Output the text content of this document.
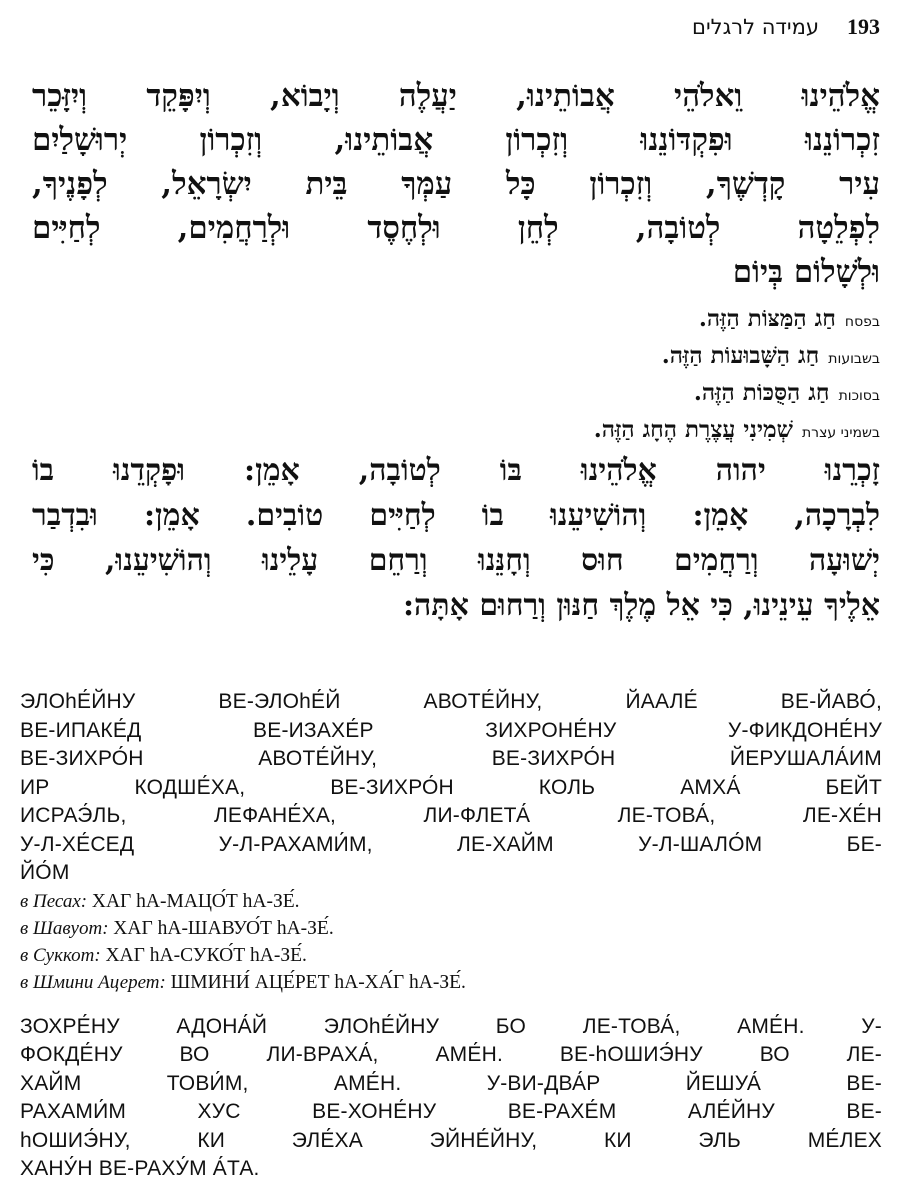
עמידה לרגלים 193
אֱלֹהֵינוּ וֵאלֹהֵי אֲבוֹתֵינוּ, יַעֲלֶה וְיָבוֹא, וְיִפָּקֵד וְיִזָּכֵר
זִכְרוֹנֵנוּ וּפִקְדּוֹנֵנוּ וְזִכְרוֹן אֲבוֹתֵינוּ, וְזִכְרוֹן יְרוּשָׁלַיִם
עִיר קָדְשֶׁךָ, וְזִכְרוֹן כָּל עַמְּךָ בֵּית יִשְׂרָאֵל, לְפָנֶיךָ,
לִפְלֵטָה לְטוֹבָה, לְחֵן וּלְחֶסֶד וּלְרַחֲמִים, לְחַיִּים
וּלְשָׁלוֹם בְּיוֹם
בפסח חַג הַמַּצּוֹת הַזֶּה.
בשבועות חַג הַשָּׁבוּעוֹת הַזֶּה.
בסוכות חַג הַסֻּכּוֹת הַזֶּה.
בשמיני עצרת שְׁמִינִי עֲצֶרֶת הֶחָג הַזֶּה.
זָכְרֵנוּ יהוה אֱלֹהֵינוּ בּוֹ לְטוֹבָה, אָמֵן: וּפָקְדֵנוּ בוֹ
לִבְרָכָה, אָמֵן: וְהוֹשִׁיעֵנוּ בוֹ לְחַיִּים טוֹבִים. אָמֵן: וּבִדְבַר
יְשׁוּעָה וְרַחֲמִים חוּס וְחָנֵּנוּ וְרַחֵם עָלֵינוּ וְהוֹשִׁיעֵנוּ, כִּי
אֵלֶיךָ עֵינֵינוּ, כִּי אֵל מֶלֶךְ חַנּוּן וְרַחוּם אָתָּה:
ЭЛОhЕ́ЙНУ ВЕ-ЭЛОhЕ́Й АВОТЕ́ЙНУ, ЙААЛЕ́ ВЕ-ЙАВО́,
ВЕ-ИПАКЕ́Д ВЕ-ИЗАХЕ́Р ЗИХРОНЕ́НУ У-ФИКДОНЕ́НУ
ВЕ-ЗИХРО́Н АВОТЕ́ЙНУ, ВЕ-ЗИХРО́Н ЙЕРУШАЛА́ИМ
ИР КОДШЕ́ХА, ВЕ-ЗИХРО́Н КОЛЬ АМХА́ БЕЙТ
ИСРАЭ́ЛЬ, ЛЕФАНЕ́ХА, ЛИ-ФЛЕТА́ ЛЕ-ТОВА́, ЛЕ-ХЕ́Н
У-Л-ХЕ́СЕД У-Л-РАХАМИ́М, ЛЕ-ХАЙМ У-Л-ШАЛО́М БЕ-
ЙО́М
в Песах: ХАГ hА-МАЦО́Т hА-ЗЕ́.
в Шавуот: ХАГ hА-ШАВУО́Т hА-ЗЕ́.
в Суккот: ХАГ hА-СУКО́Т hА-ЗЕ́.
в Шмини Ацерет: ШМИНИ́ АЦЕ́РЕТ hА-ХА́Г hА-ЗЕ́.
ЗОХРЕ́НУ АДОНА́Й ЭЛОhЕ́ЙНУ БО ЛЕ-ТОВА́, АМЕ́Н. У-
ФОКДЕ́НУ ВО ЛИ-ВРАХА́, АМЕ́Н. ВЕ-hОШИЭ́НУ ВО ЛЕ-
ХАЙМ ТОВИ́М, АМЕ́Н. У-ВИ-ДВА́Р ЙЕШУА́ ВЕ-
РАХАМИ́М ХУС ВЕ-ХОНЕ́НУ ВЕ-РАХЕ́М АЛЕ́ЙНУ ВЕ-
hОШИЭ́НУ, КИ ЭЛЕ́ХА ЭЙНЕ́ЙНУ, КИ ЭЛЬ МЕ́ЛЕХ
ХАНУ́Н ВЕ-РАХУ́М А́ТА.
